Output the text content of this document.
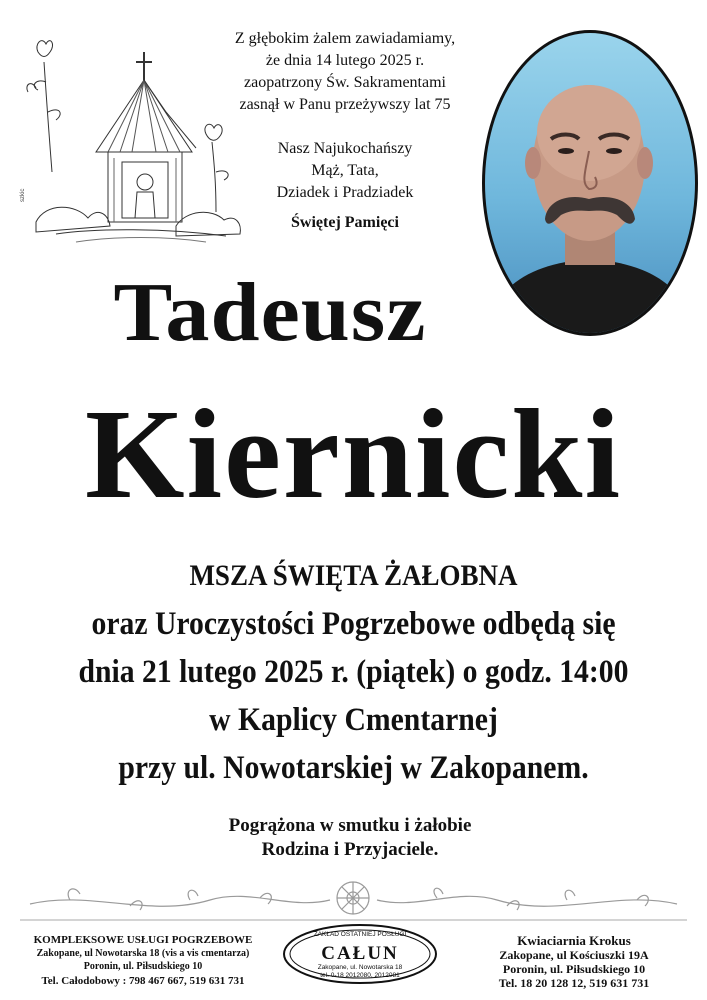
szkic
Z głębokim żalem zawiadamiamy,
że dnia 14 lutego 2025 r.
zaopatrzony Św. Sakramentami
zasnął w Panu przeżywszy lat 75
Nasz Najukochańszy
Mąż, Tata,
Dziadek i Pradziadek
Świętej Pamięci
Tadeusz
Kiernicki
MSZA ŚWIĘTA ŻAŁOBNA
oraz Uroczystości Pogrzebowe odbędą się
dnia 21 lutego 2025 r. (piątek) o godz. 14:00
w Kaplicy Cmentarnej
przy ul. Nowotarskiej w Zakopanem.
Pogrążona w smutku i żałobie
Rodzina i Przyjaciele.
KOMPLEKSOWE USŁUGI POGRZEBOWE
Zakopane, ul Nowotarska 18 (vis a vis cmentarza)
Poronin, ul. Piłsudskiego 10
Tel. Całodobowy : 798 467 667, 519 631 731
ZAKŁAD OSTATNIEJ POSŁUGI
CAŁUN
Zakopane, ul. Nowotarska 18
tel. 0-18 2012080, 2012081
Kwiaciarnia Krokus
Zakopane, ul Kościuszki 19A
Poronin, ul. Piłsudskiego 10
Tel. 18 20 128 12, 519 631 731
